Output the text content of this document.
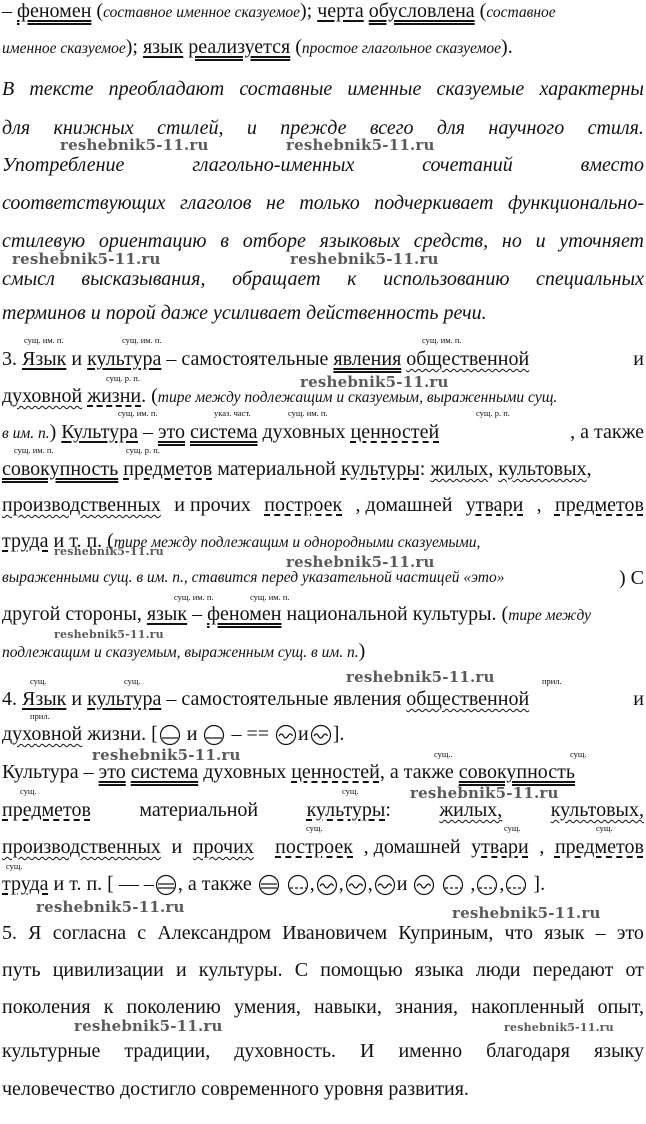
– феномен (составное именное сказуемое); черта обусловлена (составное
именное сказуемое); язык реализуется (простое глагольное сказуемое).
В тексте преобладают составные именные сказуемые характерны
для книжных стилей, и прежде всего для научного стиля.
Употребление	глагольно-именных	сочетаний	вместо
соответствующих глаголов не только подчеркивает функционально-
стилевую ориентацию в отборе языковых средств, но и уточняет
смысл высказывания, обращает к использованию специальных
терминов и порой даже усиливает действенность речи.
сущ. им. п.	сущ. им. п.	сущ. им. п.
3. Язык и культура – самостоятельные явления общественной	и
сущ. р. п.
духовной жизни. (тире между подлежащим и сказуемым, выраженными сущ.
сущ. им. п.	указ. част.	сущ. им. п.	сущ. р. п.
в им. п.) Культура – это система духовных ценностей	, а также
сущ. им. п.	сущ. р. п.
совокупность предметов материальной культуры: жилых, культовых,
производственных и прочих построек , домашней утвари , предметов
труда и т. п. (тире между подлежащим и однородными сказуемыми,
выраженными сущ. в им. п., ставится перед указательной частицей «это»	) С
сущ. им. п.	сущ. им. п.
другой стороны, язык – феномен национальной культуры. (тире между
подлежащим и сказуемым, выраженным сущ. в им. п.)
сущ.	сущ.	прил.
4. Язык и культура – самостоятельные явления общественной	и
прил.
духовной жизни. [
и
– == и ].
сущ..	сущ.
Культура – это система духовных ценностей, а также совокупность
сущ.	сущ.
предметов материальной культуры: жилых, культовых,
сущ.	сущ.	сущ.
производственных и прочих построек , домашней утвари , предметов
сущ.
труда и т. п. [ — – , а также
	, , , и
	, ,
].
5. Я согласна с Александром Ивановичем Куприным, что язык – это
путь цивилизации и культуры. С помощью языка люди передают от
поколения к поколению умения, навыки, знания, накопленный опыт,
культурные традиции, духовность. И именно благодаря языку
человечество достигло современного уровня развития.
reshebnik5-11.ru	reshebnik5-11.ru
reshebnik5-11.ru	reshebnik5-11.ru
reshebnik5-11.ru
reshebnik5-11.ru
reshebnik5-11.ru
reshebnik5-11.ru
reshebnik5-11.ru
reshebnik5-11.ru
reshebnik5-11.ru
reshebnik5-11.ru	reshebnik5-11.ru
reshebnik5-11.ru	reshebnik5-11.ru
